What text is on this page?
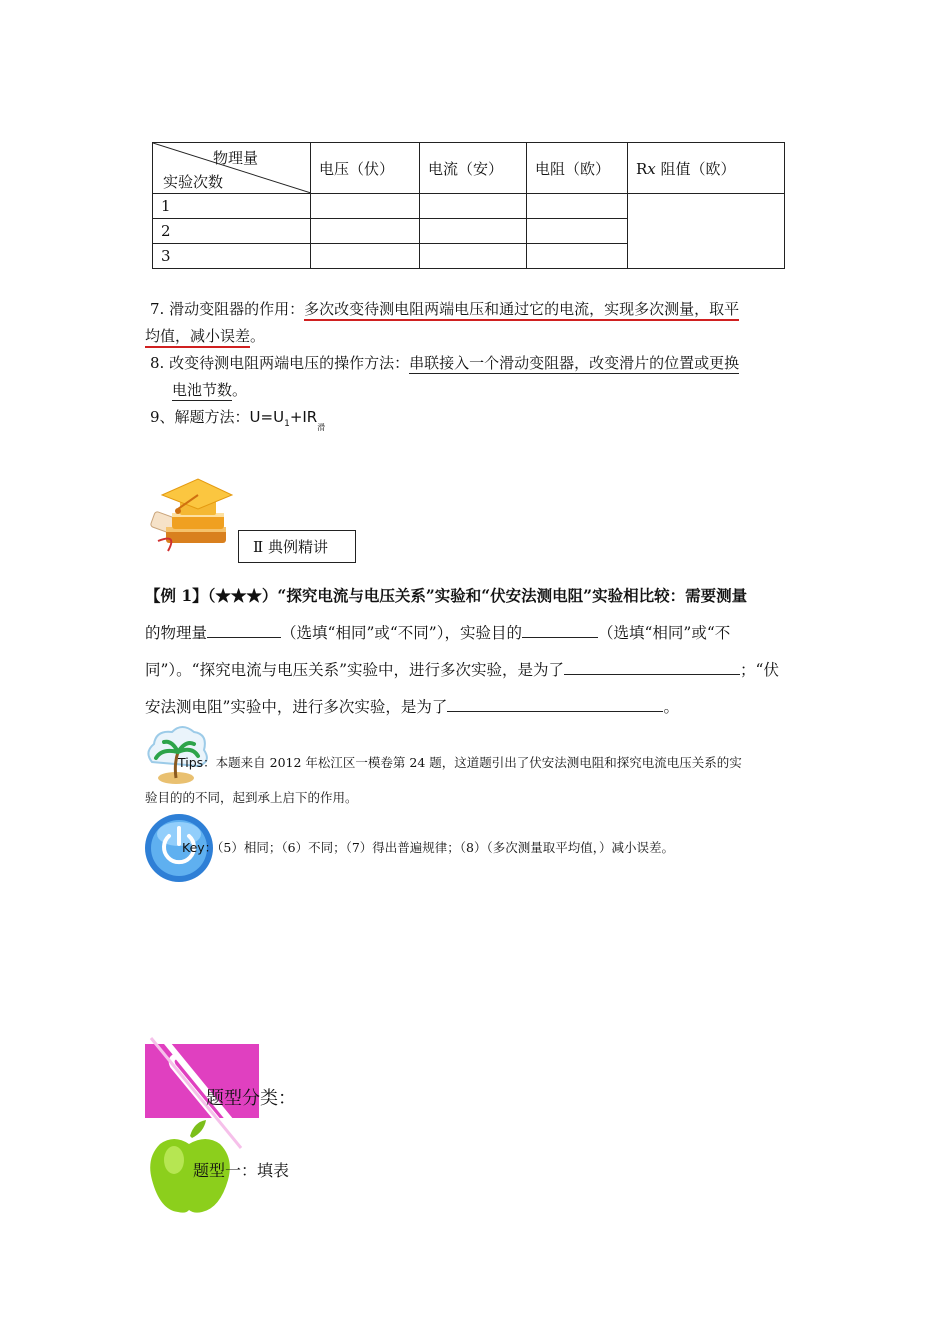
物理量
实验次数	电压（伏）	电流（安）	电阻（欧）	Rx 阻值（欧）
1				
2				
3				
7. 滑动变阻器的作用：多次改变待测电阻两端电压和通过它的电流，实现多次测量，取平
均值，减小误差。
8. 改变待测电阻两端电压的操作方法：串联接入一个滑动变阻器，改变滑片的位置或更换
电池节数。
9、解题方法：$U=U_1+IR_滑$
Ⅱ 典例精讲
【例 1】（★★★）“探究电流与电压关系”实验和“伏安法测电阻”实验相比较：需要测量
的物理量	（选填“相同”或“不同”），实验目的	（选填“相同”或“不
同”）。“探究电流与电压关系”实验中，进行多次实验，是为了	；“伏
安法测电阻”实验中，进行多次实验，是为了	。
Tips：本题来自 2012 年松江区一模卷第 24 题，这道题引出了伏安法测电阻和探究电流电压关系的实
验目的的不同，起到承上启下的作用。
Key：（5）相同；（6）不同；（7）得出普遍规律；（8）（多次测量取平均值，）减小误差。
题型分类：
题型一：填表
